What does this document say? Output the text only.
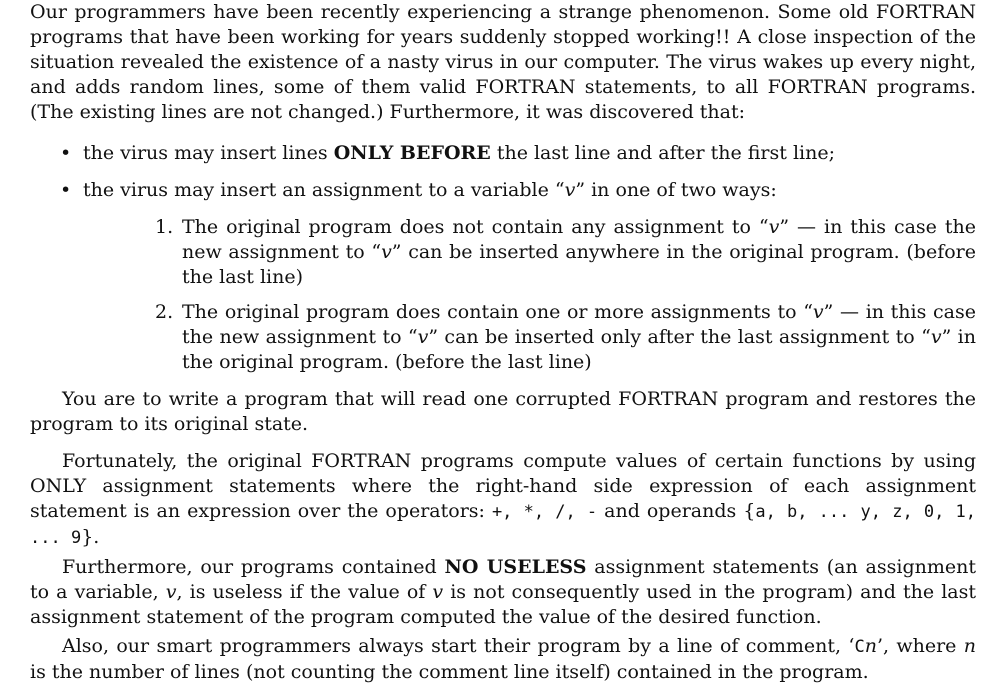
Our programmers have been recently experiencing a strange phenomenon. Some old FORTRAN programs that have been working for years suddenly stopped working!! A close inspection of the situation revealed the existence of a nasty virus in our computer. The virus wakes up every night, and adds random lines, some of them valid FORTRAN statements, to all FORTRAN programs. (The existing lines are not changed.) Furthermore, it was discovered that:

• the virus may insert lines ONLY BEFORE the last line and after the first line;
• the virus may insert an assignment to a variable “v” in one of two ways:
1. The original program does not contain any assignment to “v” — in this case the new assignment to “v” can be inserted anywhere in the original program. (before the last line)
2. The original program does contain one or more assignments to “v” — in this case the new assignment to “v” can be inserted only after the last assignment to “v” in the original program. (before the last line)

You are to write a program that will read one corrupted FORTRAN program and restores the program to its original state.

Fortunately, the original FORTRAN programs compute values of certain functions by using ONLY assignment statements where the right-hand side expression of each assignment statement is an expression over the operators: +, *, /, - and operands {a, b, ... y, z, 0, 1, ... 9}.

Furthermore, our programs contained NO USELESS assignment statements (an assignment to a variable, v, is useless if the value of v is not consequently used in the program) and the last assignment statement of the program computed the value of the desired function.

Also, our smart programmers always start their program by a line of comment, ‘Cn’, where n is the number of lines (not counting the comment line itself) contained in the program.
